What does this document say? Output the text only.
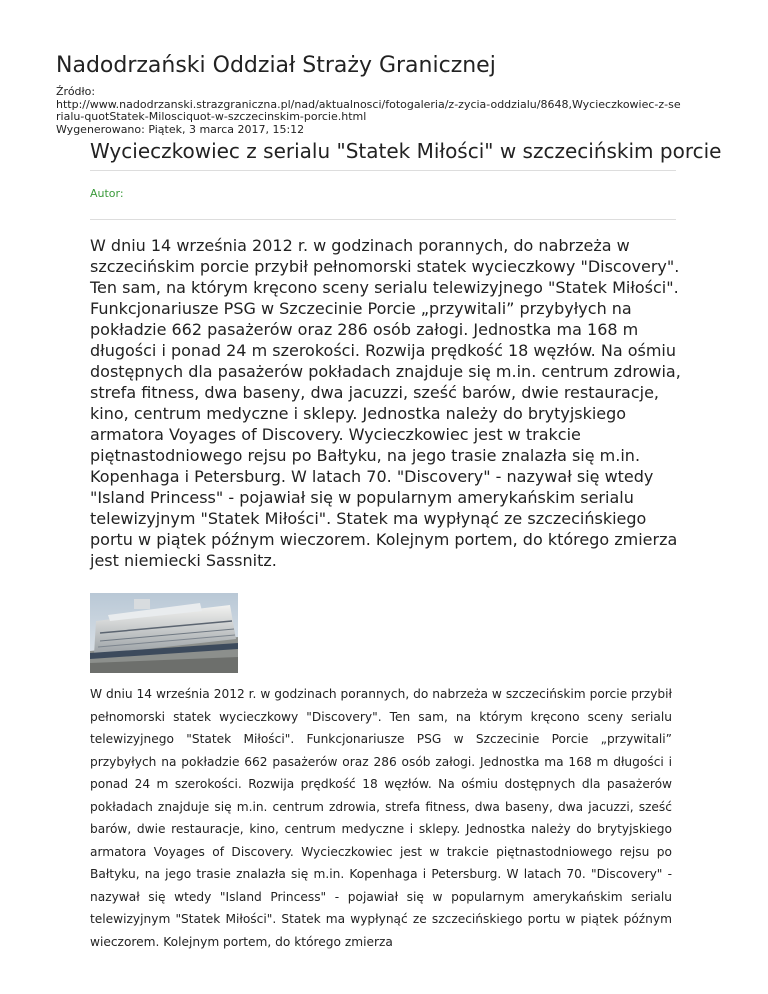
Nadodrzański Oddział Straży Granicznej
Źródło:
http://www.nadodrzanski.strazgraniczna.pl/nad/aktualnosci/fotogaleria/z-zycia-oddzialu/8648,Wycieczkowiec-z-se
rialu-quotStatek-Milosciquot-w-szczecinskim-porcie.html
Wygenerowano: Piątek, 3 marca 2017, 15:12
Wycieczkowiec z serialu "Statek Miłości" w szczecińskim porcie
Autor:

W dniu 14 września 2012 r. w godzinach porannych, do nabrzeża w szczecińskim porcie przybił pełnomorski statek wycieczkowy "Discovery". Ten sam, na którym kręcono sceny serialu telewizyjnego "Statek Miłości". Funkcjonariusze PSG w Szczecinie Porcie „przywitali” przybyłych na pokładzie 662 pasażerów oraz 286 osób załogi. Jednostka ma 168 m długości i ponad 24 m szerokości. Rozwija prędkość 18 węzłów. Na ośmiu dostępnych dla pasażerów pokładach znajduje się m.in. centrum zdrowia, strefa fitness, dwa baseny, dwa jacuzzi, sześć barów, dwie restauracje, kino, centrum medyczne i sklepy. Jednostka należy do brytyjskiego armatora Voyages of Discovery. Wycieczkowiec jest w trakcie piętnastodniowego rejsu po Bałtyku, na jego trasie znalazła się m.in. Kopenhaga i Petersburg. W latach 70. "Discovery" - nazywał się wtedy "Island Princess" - pojawiał się w popularnym amerykańskim serialu telewizyjnym "Statek Miłości". Statek ma wypłynąć ze szczecińskiego portu w piątek późnym wieczorem. Kolejnym portem, do którego zmierza jest niemiecki Sassnitz.

W dniu 14 września 2012 r. w godzinach porannych, do nabrzeża w szczecińskim porcie przybił pełnomorski statek wycieczkowy "Discovery". Ten sam, na którym kręcono sceny serialu telewizyjnego "Statek Miłości". Funkcjonariusze PSG w Szczecinie Porcie „przywitali” przybyłych na pokładzie 662 pasażerów oraz 286 osób załogi. Jednostka ma 168 m długości i ponad 24 m szerokości. Rozwija prędkość 18 węzłów. Na ośmiu dostępnych dla pasażerów pokładach znajduje się m.in. centrum zdrowia, strefa fitness, dwa baseny, dwa jacuzzi, sześć barów, dwie restauracje, kino, centrum medyczne i sklepy. Jednostka należy do brytyjskiego armatora Voyages of Discovery. Wycieczkowiec jest w trakcie piętnastodniowego rejsu po Bałtyku, na jego trasie znalazła się m.in. Kopenhaga i Petersburg. W latach 70. "Discovery" - nazywał się wtedy "Island Princess" - pojawiał się w popularnym amerykańskim serialu telewizyjnym "Statek Miłości". Statek ma wypłynąć ze szczecińskiego portu w piątek późnym wieczorem. Kolejnym portem, do którego zmierza
